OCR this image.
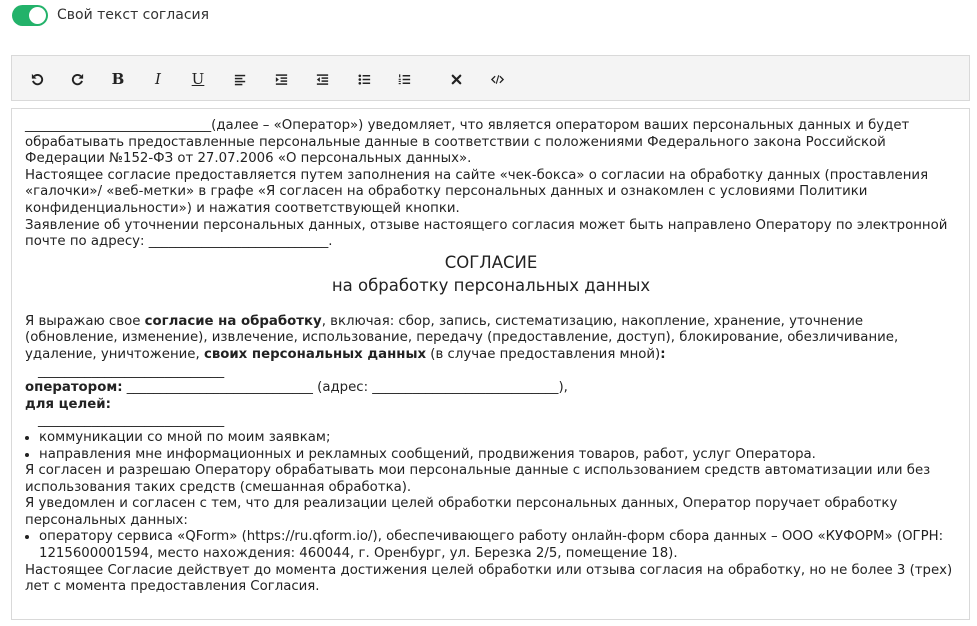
Свой текст согласия
B I U

____________________________(далее – «Оператор») уведомляет, что является оператором ваших персональных данных и будет обрабатывать предоставленные персональные данные в соответствии с положениями Федерального закона Российской Федерации №152-ФЗ от 27.07.2006 «О персональных данных».

Настоящее согласие предоставляется путем заполнения на сайте «чек-бокса» о согласии на обработку данных (проставления «галочки»/ «веб-метки» в графе «Я согласен на обработку персональных данных и ознакомлен с условиями Политики конфиденциальности») и нажатия соответствующей кнопки.

Заявление об уточнении персональных данных, отзыве настоящего согласия может быть направлено Оператору по электронной почте по адресу: ___________________________.

СОГЛАСИЕ
на обработку персональных данных

Я выражаю свое согласие на обработку, включая: сбор, запись, систематизацию, накопление, хранение, уточнение (обновление, изменение), извлечение, использование, передачу (предоставление, доступ), блокирование, обезличивание, удаление, уничтожение, своих персональных данных (в случае предоставления мной):

____________________________

оператором: ____________________________ (адрес: ____________________________),

для целей:

____________________________

• коммуникации со мной по моим заявкам;
• направления мне информационных и рекламных сообщений, продвижения товаров, работ, услуг Оператора.

Я согласен и разрешаю Оператору обрабатывать мои персональные данные с использованием средств автоматизации или без использования таких средств (смешанная обработка).

Я уведомлен и согласен с тем, что для реализации целей обработки персональных данных, Оператор поручает обработку персональных данных:

• оператору сервиса «QForm» (https://ru.qform.io/), обеспечивающего работу онлайн-форм сбора данных – ООО «КУФОРМ» (ОГРН: 1215600001594, место нахождения: 460044, г. Оренбург, ул. Березка 2/5, помещение 18).

Настоящее Согласие действует до момента достижения целей обработки или отзыва согласия на обработку, но не более 3 (трех) лет с момента предоставления Согласия.
